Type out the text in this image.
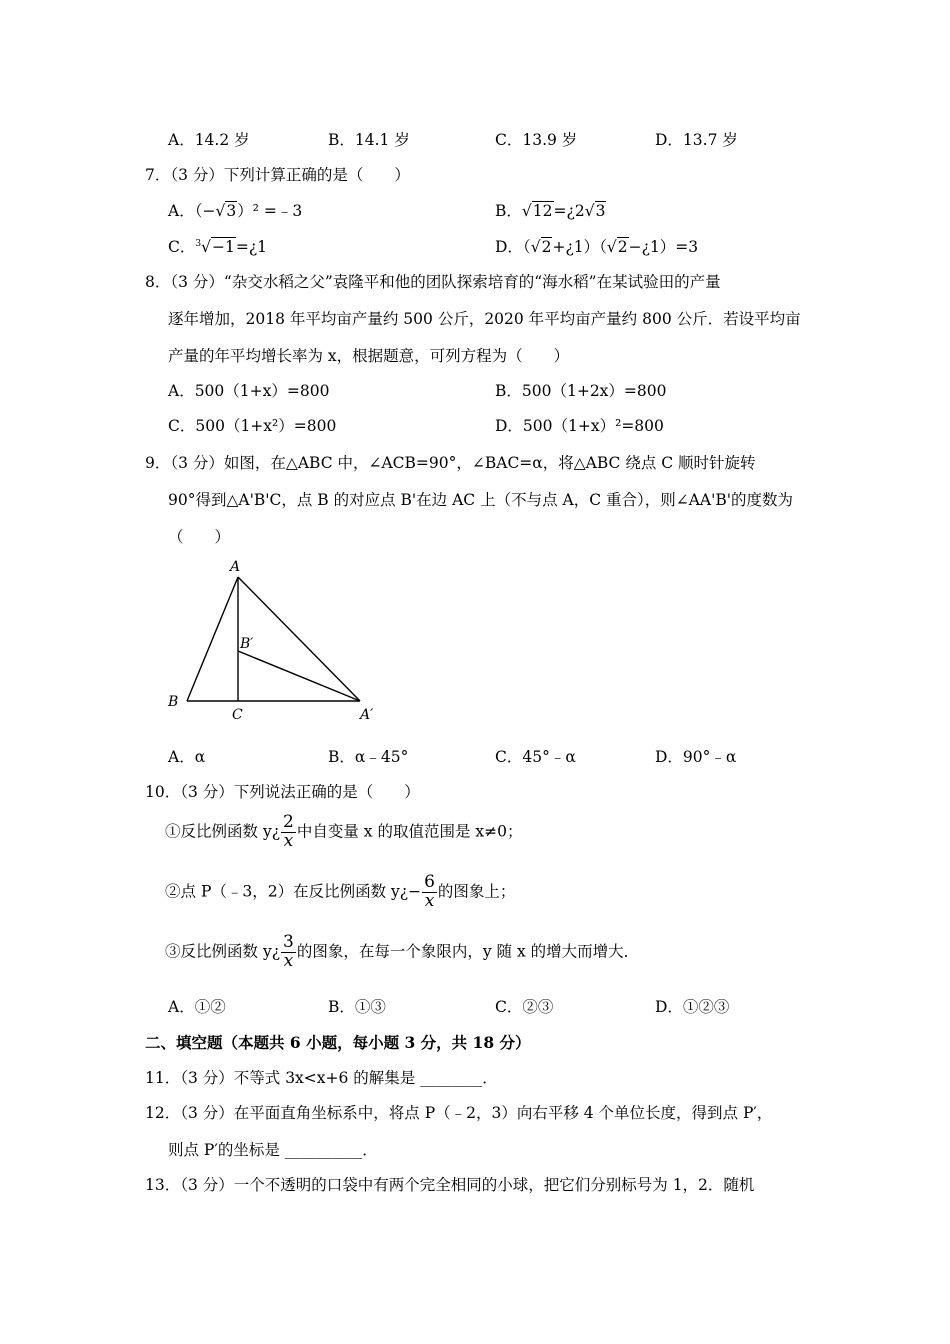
A．14.2 岁	B．14.1 岁	C．13.9 岁	D．13.7 岁
7．（3 分）下列计算正确的是（　　）
A．（−√3）² =﹣3	B．√12=¿2√3
C．$^3$√−1=¿1	D．（√2+¿1）（√2−¿1）=3
8．（3 分）“杂交水稻之父”袁隆平和他的团队探索培育的“海水稻”在某试验田的产量
逐年增加，2018 年平均亩产量约 500 公斤，2020 年平均亩产量约 800 公斤．若设平均亩
产量的年平均增长率为 x，根据题意，可列方程为（　　）
A．500（1+x）=800	B．500（1+2x）=800
C．500（1+x²）=800	D．500（1+x）²=800
9．（3 分）如图，在△ABC 中，∠ACB=90°，∠BAC=α，将△ABC 绕点 C 顺时针旋转
90°得到△A'B'C，点 B 的对应点 B'在边 AC 上（不与点 A，C 重合），则∠AA'B'的度数为
（　　）
A
B
C
B′
A′
A．α	B．α﹣45°	C．45°﹣α	D．90°﹣α
10．（3 分）下列说法正确的是（　　）
①反比例函数 y¿ $\frac{2}{x}$ 中自变量 x 的取值范围是 x≠0；
②点 P（﹣3，2）在反比例函数 y¿− $\frac{6}{x}$ 的图象上；
③反比例函数 y¿ $\frac{3}{x}$ 的图象，在每一个象限内，y 随 x 的增大而增大．
A．①②	B．①③	C．②③	D．①②③
二、填空题（本题共 6 小题，每小题 3 分，共 18 分）
11．（3 分）不等式 3x<x+6 的解集是 ________．
12．（3 分）在平面直角坐标系中，将点 P（﹣2，3）向右平移 4 个单位长度，得到点 P′，
则点 P′的坐标是 __________．
13．（3 分）一个不透明的口袋中有两个完全相同的小球，把它们分别标号为 1，2．随机
